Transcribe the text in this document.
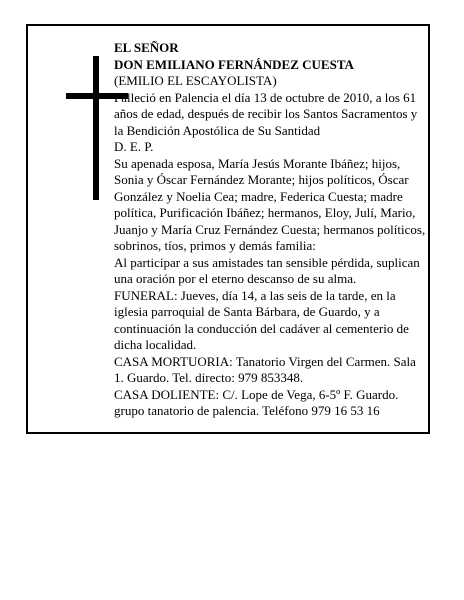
EL SEÑOR

DON EMILIANO FERNÁNDEZ CUESTA

(EMILIO EL ESCAYOLISTA)

Falleció en Palencia el día 13 de octubre de 2010, a los 61 años de edad, después de recibir los Santos Sacramentos y la Bendición Apostólica de Su Santidad

D. E. P.

Su apenada esposa, María Jesús Morante Ibáñez; hijos, Sonia y Óscar Fernández Morante; hijos políticos, Óscar González y Noelia Cea; madre, Federica Cuesta; madre política, Purificación Ibáñez; hermanos, Eloy, Julí, Mario, Juanjo y María Cruz Fernández Cuesta; hermanos políticos, sobrinos, tíos, primos y demás familia:

Al participar a sus amistades tan sensible pérdida, suplican una oración por el eterno descanso de su alma.

FUNERAL: Jueves, día 14, a las seis de la tarde, en la iglesia parroquial de Santa Bárbara, de Guardo, y a continuación la conducción del cadáver al cementerio de dicha localidad.

CASA MORTUORIA: Tanatorio Virgen del Carmen. Sala 1. Guardo. Tel. directo: 979 853348.

CASA DOLIENTE: C/. Lope de Vega, 6-5º F. Guardo.

grupo tanatorio de palencia. Teléfono 979 16 53 16
